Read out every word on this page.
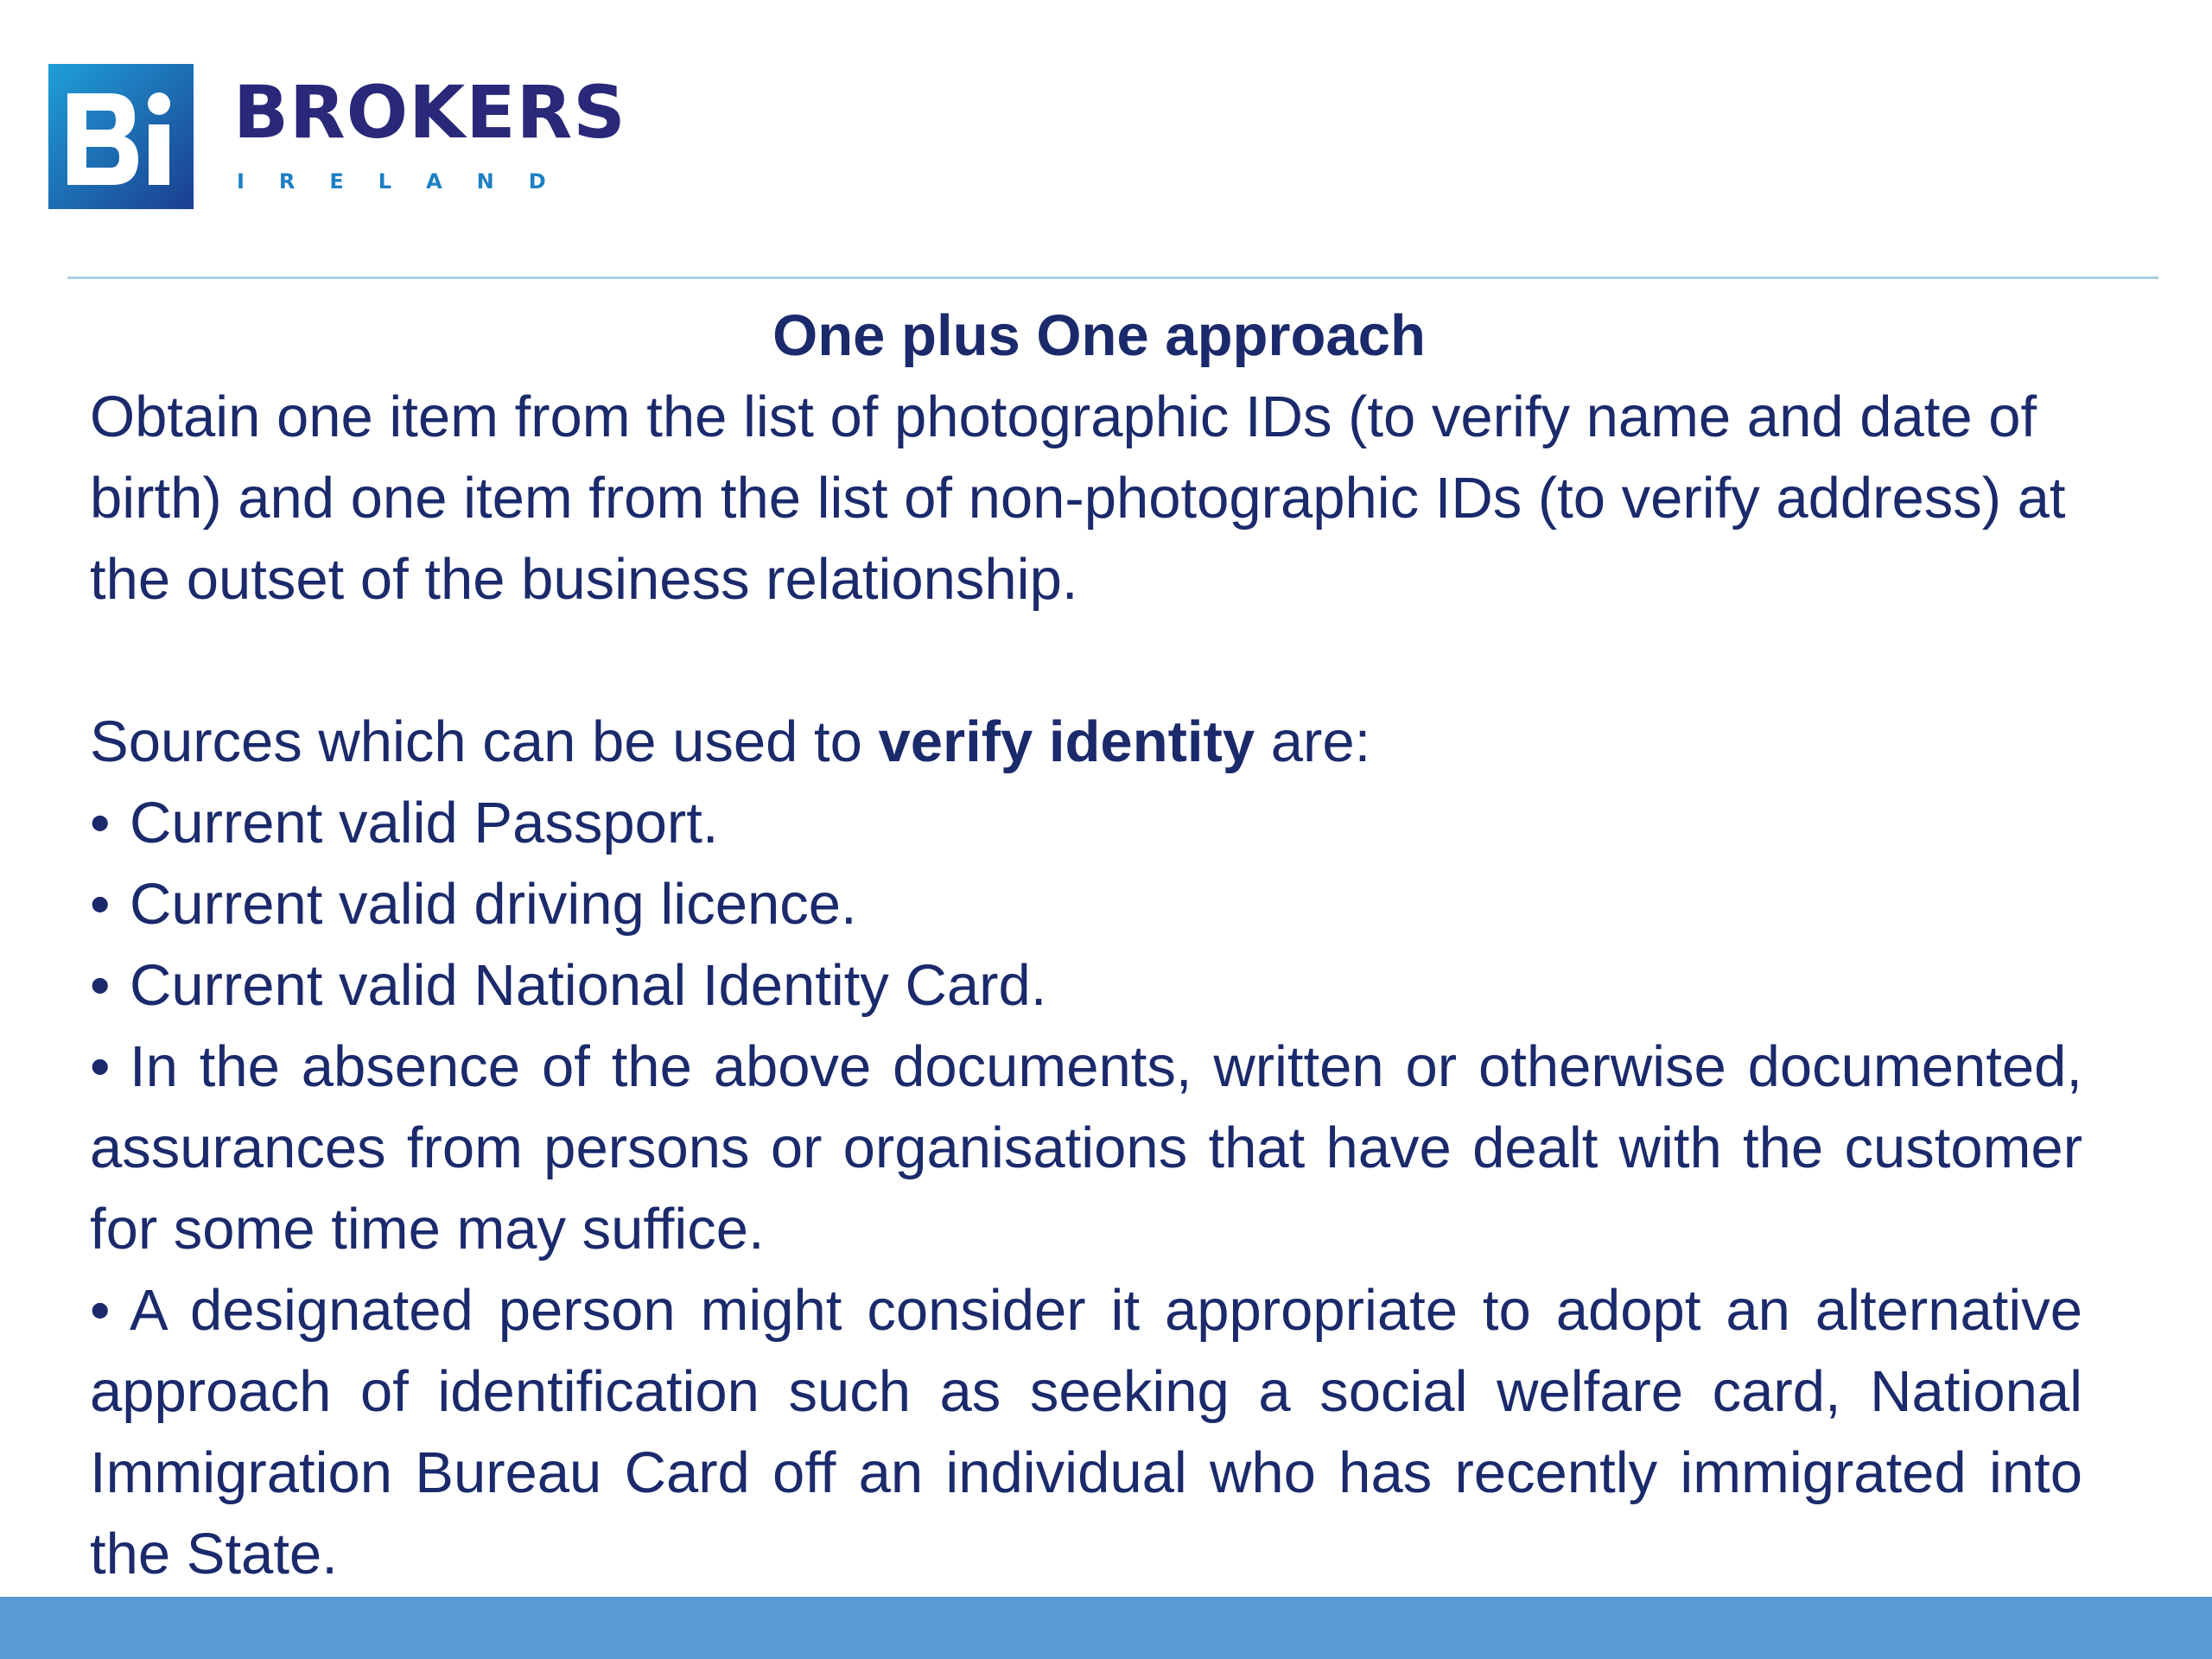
BROKERS
IRELAND
One plus One approach

Obtain one item from the list of photographic IDs (to verify name and date of birth) and one item from the list of non-photographic IDs (to verify address) at the outset of the business relationship.

Sources which can be used to verify identity are:

• Current valid Passport.

• Current valid driving licence.

• Current valid National Identity Card.

• In the absence of the above documents, written or otherwise documented, assurances from persons or organisations that have dealt with the customer for some time may suffice.

• A designated person might consider it appropriate to adopt an alternative approach of identification such as seeking a social welfare card, National Immigration Bureau Card off an individual who has recently immigrated into the State.
